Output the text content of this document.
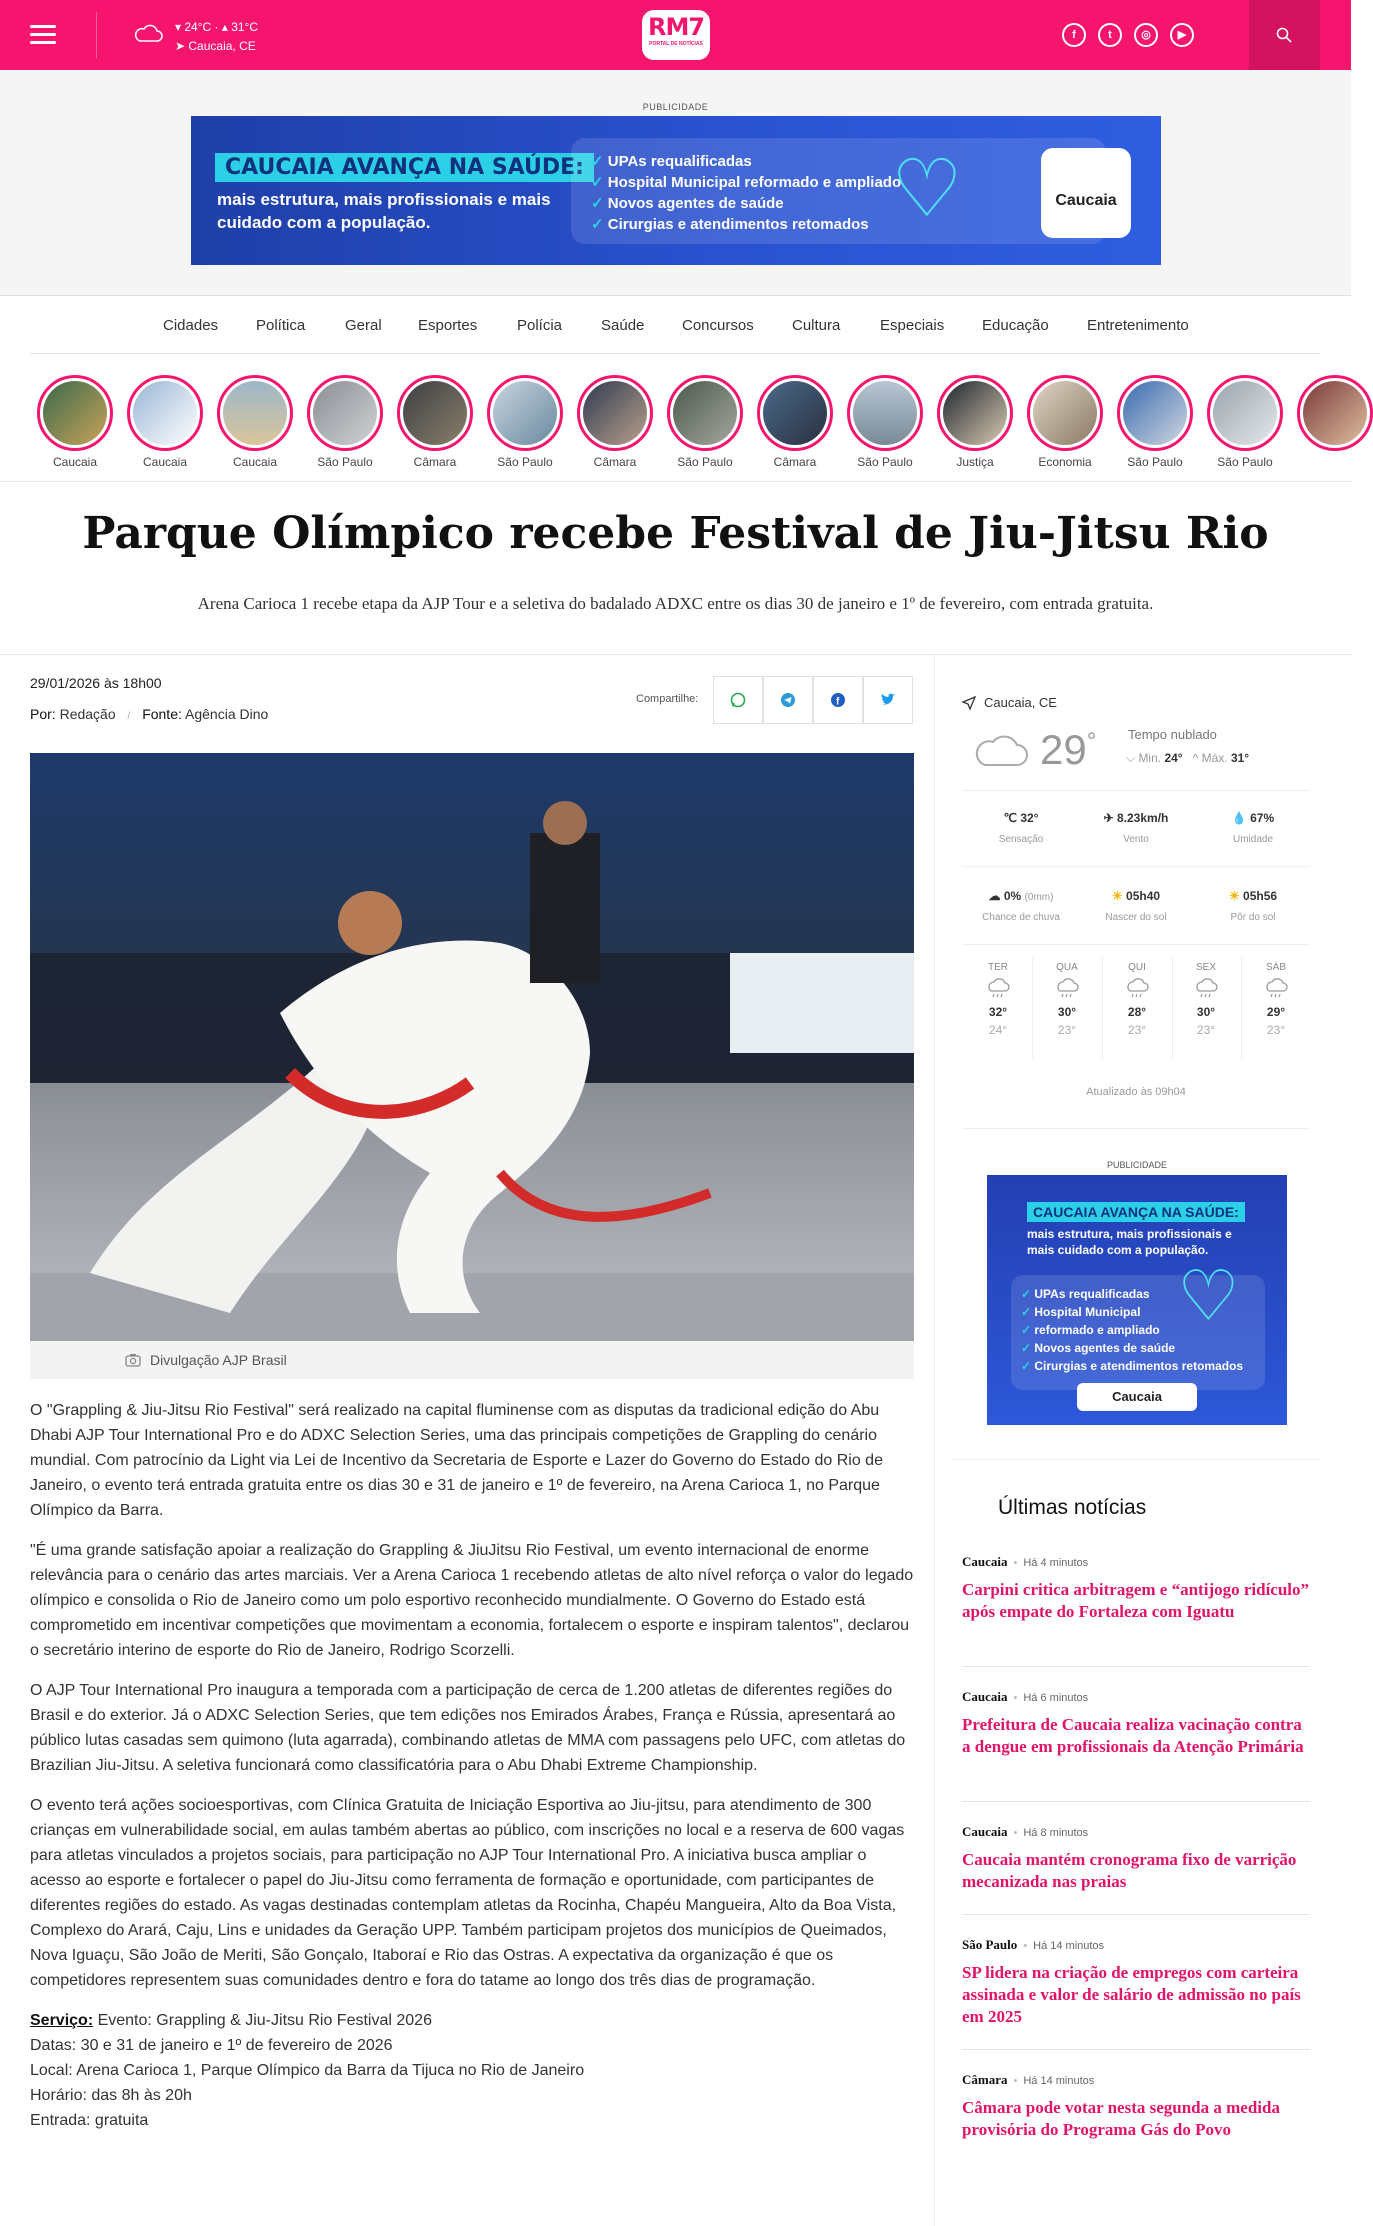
▾ 24°C · ▴ 31°C
➤ Caucaia, CE
RM7
PORTAL DE NOTÍCIAS
f	t	◎	▶
PUBLICIDADE
CAUCAIA AVANÇA NA SAÚDE:
mais estrutura, mais profissionais e mais cuidado com a população.
✓ UPAs requalificadas
✓ Hospital Municipal reformado e ampliado
✓ Novos agentes de saúde
✓ Cirurgias e atendimentos retomados ♡	Caucaia
Cidades	Política	Geral Esportes	Polícia	Saúde	Concursos	Cultura	Especiais	Educação	Entretenimento
Caucaia	Caucaia	Caucaia	São Paulo	Câmara	São Paulo	Câmara	São Paulo	Câmara	São Paulo	Justiça	Economia	São Paulo	São Paulo
Parque Olímpico recebe Festival de Jiu-Jitsu Rio
Arena Carioca 1 recebe etapa da AJP Tour e a seletiva do badalado ADXC entre os dias 30 de janeiro e 1º de fevereiro, com entrada gratuita.
29/01/2026 às 18h00
Por: Redação / Fonte: Agência Dino
Compartilhe:	f
Divulgação AJP Brasil

O "Grappling & Jiu-Jitsu Rio Festival" será realizado na capital fluminense com as disputas da tradicional edição do Abu Dhabi AJP Tour International Pro e do ADXC Selection Series, uma das principais competições de Grappling do cenário mundial. Com patrocínio da Light via Lei de Incentivo da Secretaria de Esporte e Lazer do Governo do Estado do Rio de Janeiro, o evento terá entrada gratuita entre os dias 30 e 31 de janeiro e 1º de fevereiro, na Arena Carioca 1, no Parque Olímpico da Barra.

"É uma grande satisfação apoiar a realização do Grappling & JiuJitsu Rio Festival, um evento internacional de enorme relevância para o cenário das artes marciais. Ver a Arena Carioca 1 recebendo atletas de alto nível reforça o valor do legado olímpico e consolida o Rio de Janeiro como um polo esportivo reconhecido mundialmente. O Governo do Estado está comprometido em incentivar competições que movimentam a economia, fortalecem o esporte e inspiram talentos", declarou o secretário interino de esporte do Rio de Janeiro, Rodrigo Scorzelli.

O AJP Tour International Pro inaugura a temporada com a participação de cerca de 1.200 atletas de diferentes regiões do Brasil e do exterior. Já o ADXC Selection Series, que tem edições nos Emirados Árabes, França e Rússia, apresentará ao público lutas casadas sem quimono (luta agarrada), combinando atletas de MMA com passagens pelo UFC, com atletas do Brazilian Jiu-Jitsu. A seletiva funcionará como classificatória para o Abu Dhabi Extreme Championship.

O evento terá ações socioesportivas, com Clínica Gratuita de Iniciação Esportiva ao Jiu-jitsu, para atendimento de 300 crianças em vulnerabilidade social, em aulas também abertas ao público, com inscrições no local e a reserva de 600 vagas para atletas vinculados a projetos sociais, para participação no AJP Tour International Pro. A iniciativa busca ampliar o acesso ao esporte e fortalecer o papel do Jiu-Jitsu como ferramenta de formação e oportunidade, com participantes de diferentes regiões do estado. As vagas destinadas contemplam atletas da Rocinha, Chapéu Mangueira, Alto da Boa Vista, Complexo do Arará, Caju, Lins e unidades da Geração UPP. Também participam projetos dos municípios de Queimados, Nova Iguaçu, São João de Meriti, São Gonçalo, Itaboraí e Rio das Ostras. A expectativa da organização é que os competidores representem suas comunidades dentro e fora do tatame ao longo dos três dias de programação.

Serviço: Evento: Grappling & Jiu-Jitsu Rio Festival 2026

Datas: 30 e 31 de janeiro e 1º de fevereiro de 2026

Local: Arena Carioca 1, Parque Olímpico da Barra da Tijuca no Rio de Janeiro

Horário: das 8h às 20h

Entrada: gratuita

Caucaia, CE
29° Tempo nublado
⌵ Min. 24°   ^ Máx. 31°
℃ 32°
Sensação
✈ 8.23km/h
Vento
💧 67%
Umidade
☁ 0% (0mm)
Chance de chuva
☀ 05h40
Nascer do sol
☀ 05h56
Pôr do sol
TER
32°
24°
QUA
30°
23°
QUI
28°
23°
SEX
30°
23°
SÁB
29°
23°
Atualizado às 09h04
PUBLICIDADE
CAUCAIA AVANÇA NA SAÚDE:
mais estrutura, mais profissionais e mais cuidado com a população.
✓ UPAs requalificadas
✓ Hospital Municipal
✓ reformado e ampliado
✓ Novos agentes de saúde
✓ Cirurgias e atendimentos retomados
♡
Caucaia
Últimas notícias
Caucaia • Há 4 minutos
Carpini critica arbitragem e “antijogo ridículo” após empate do Fortaleza com Iguatu
Caucaia • Há 6 minutos
Prefeitura de Caucaia realiza vacinação contra a dengue em profissionais da Atenção Primária
Caucaia • Há 8 minutos
Caucaia mantém cronograma fixo de varrição mecanizada nas praias
São Paulo • Há 14 minutos
SP lidera na criação de empregos com carteira assinada e valor de salário de admissão no país em 2025
Câmara • Há 14 minutos
Câmara pode votar nesta segunda a medida provisória do Programa Gás do Povo
